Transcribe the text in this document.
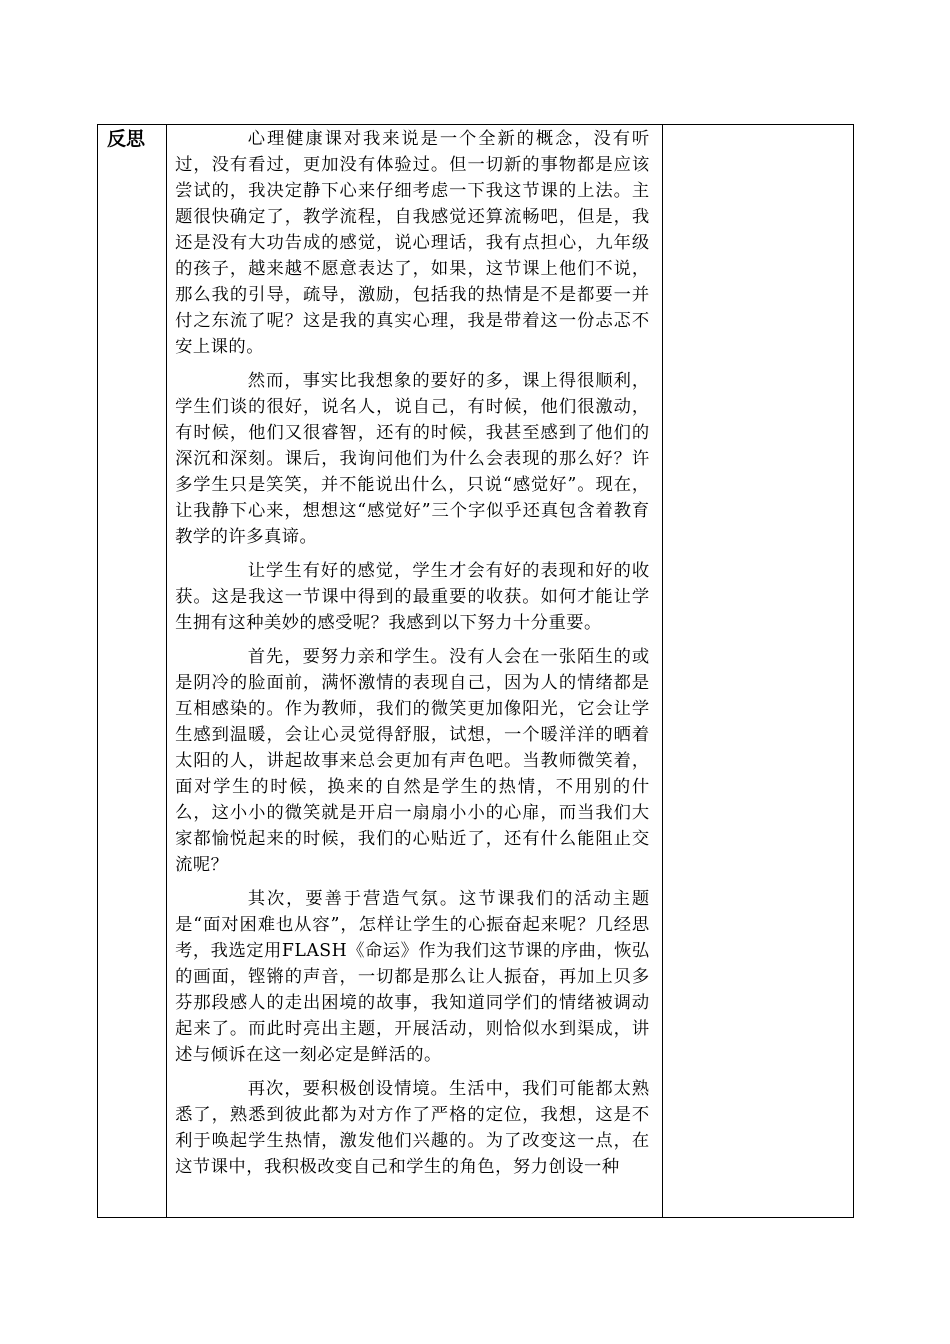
反思	心理健康课对我来说是一个全新的概念，没有听过，没有看过，更加没有体验过。但一切新的事物都是应该尝试的，我决定静下心来仔细考虑一下我这节课的上法。主题很快确定了，教学流程，自我感觉还算流畅吧，但是，我还是没有大功告成的感觉，说心理话，我有点担心，九年级的孩子，越来越不愿意表达了，如果，这节课上他们不说，那么我的引导，疏导，激励，包括我的热情是不是都要一并付之东流了呢？这是我的真实心理，我是带着这一份忐忑不安上课的。

然而，事实比我想象的要好的多，课上得很顺利，学生们谈的很好，说名人，说自己，有时候，他们很激动，有时候，他们又很睿智，还有的时候，我甚至感到了他们的深沉和深刻。课后，我询问他们为什么会表现的那么好？许多学生只是笑笑，并不能说出什么，只说“感觉好”。现在，让我静下心来，想想这“感觉好”三个字似乎还真包含着教育教学的许多真谛。

让学生有好的感觉，学生才会有好的表现和好的收获。这是我这一节课中得到的最重要的收获。如何才能让学生拥有这种美妙的感受呢？我感到以下努力十分重要。

首先，要努力亲和学生。没有人会在一张陌生的或是阴冷的脸面前，满怀激情的表现自己，因为人的情绪都是互相感染的。作为教师，我们的微笑更加像阳光，它会让学生感到温暖，会让心灵觉得舒服，试想，一个暖洋洋的晒着太阳的人，讲起故事来总会更加有声色吧。当教师微笑着，面对学生的时候，换来的自然是学生的热情，不用别的什么，这小小的微笑就是开启一扇扇小小的心扉，而当我们大家都愉悦起来的时候，我们的心贴近了，还有什么能阻止交流呢？

其次，要善于营造气氛。这节课我们的活动主题是“面对困难也从容”，怎样让学生的心振奋起来呢？几经思考，我选定用FLASH《命运》作为我们这节课的序曲，恢弘的画面，铿锵的声音，一切都是那么让人振奋，再加上贝多芬那段感人的走出困境的故事，我知道同学们的情绪被调动起来了。而此时亮出主题，开展活动，则恰似水到渠成，讲述与倾诉在这一刻必定是鲜活的。

再次，要积极创设情境。生活中，我们可能都太熟悉了，熟悉到彼此都为对方作了严格的定位，我想，这是不利于唤起学生热情，激发他们兴趣的。为了改变这一点，在这节课中，我积极改变自己和学生的角色，努力创设一种
